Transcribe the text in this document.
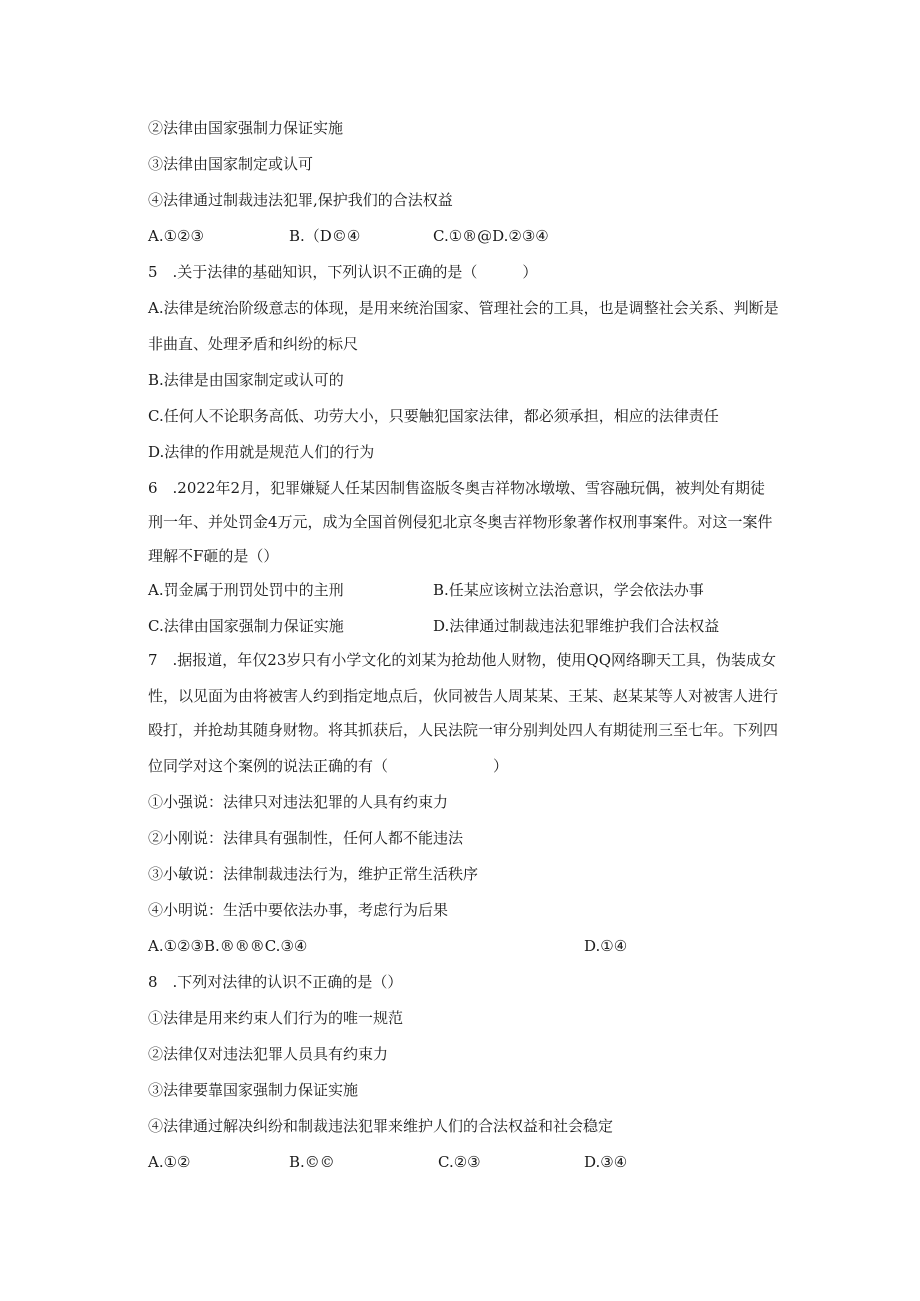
②法律由国家强制力保证实施
③法律由国家制定或认可
④法律通过制裁违法犯罪,保护我们的合法权益
A.①②③	B.（D©④	C.①®@D.②③④
5　.关于法律的基础知识，下列认识不正确的是（　　　）
A.法律是统治阶级意志的体现，是用来统治国家、管理社会的工具，也是调整社会关系、判断是
非曲直、处理矛盾和纠纷的标尺
B.法律是由国家制定或认可的
C.任何人不论职务高低、功劳大小，只要触犯国家法律，都必须承担，相应的法律责任
D.法律的作用就是规范人们的行为
6　.2022年2月，犯罪嫌疑人任某因制售盗版冬奥吉祥物冰墩墩、雪容融玩偶，被判处有期徒
刑一年、并处罚金4万元，成为全国首例侵犯北京冬奥吉祥物形象著作权刑事案件。对这一案件
理解不F砸的是（）
A.罚金属于刑罚处罚中的主刑	B.任某应该树立法治意识，学会依法办事
C.法律由国家强制力保证实施	D.法律通过制裁违法犯罪维护我们合法权益
7　.据报道，年仅23岁只有小学文化的刘某为抢劫他人财物，使用QQ网络聊天工具，伪装成女
性，以见面为由将被害人约到指定地点后，伙同被告人周某某、王某、赵某某等人对被害人进行
殴打，并抢劫其随身财物。将其抓获后，人民法院一审分别判处四人有期徒刑三至七年。下列四
位同学对这个案例的说法正确的有（　　　　　　　）
①小强说：法律只对违法犯罪的人具有约束力
②小刚说：法律具有强制性，任何人都不能违法
③小敏说：法律制裁违法行为，维护正常生活秩序
④小明说：生活中要依法办事，考虑行为后果
A.①②③B.®®®C.③④	D.①④
8　.下列对法律的认识不正确的是（）
①法律是用来约束人们行为的唯一规范
②法律仅对违法犯罪人员具有约束力
③法律要靠国家强制力保证实施
④法律通过解决纠纷和制裁违法犯罪来维护人们的合法权益和社会稳定
A.①②	B.©©	C.②③	D.③④
